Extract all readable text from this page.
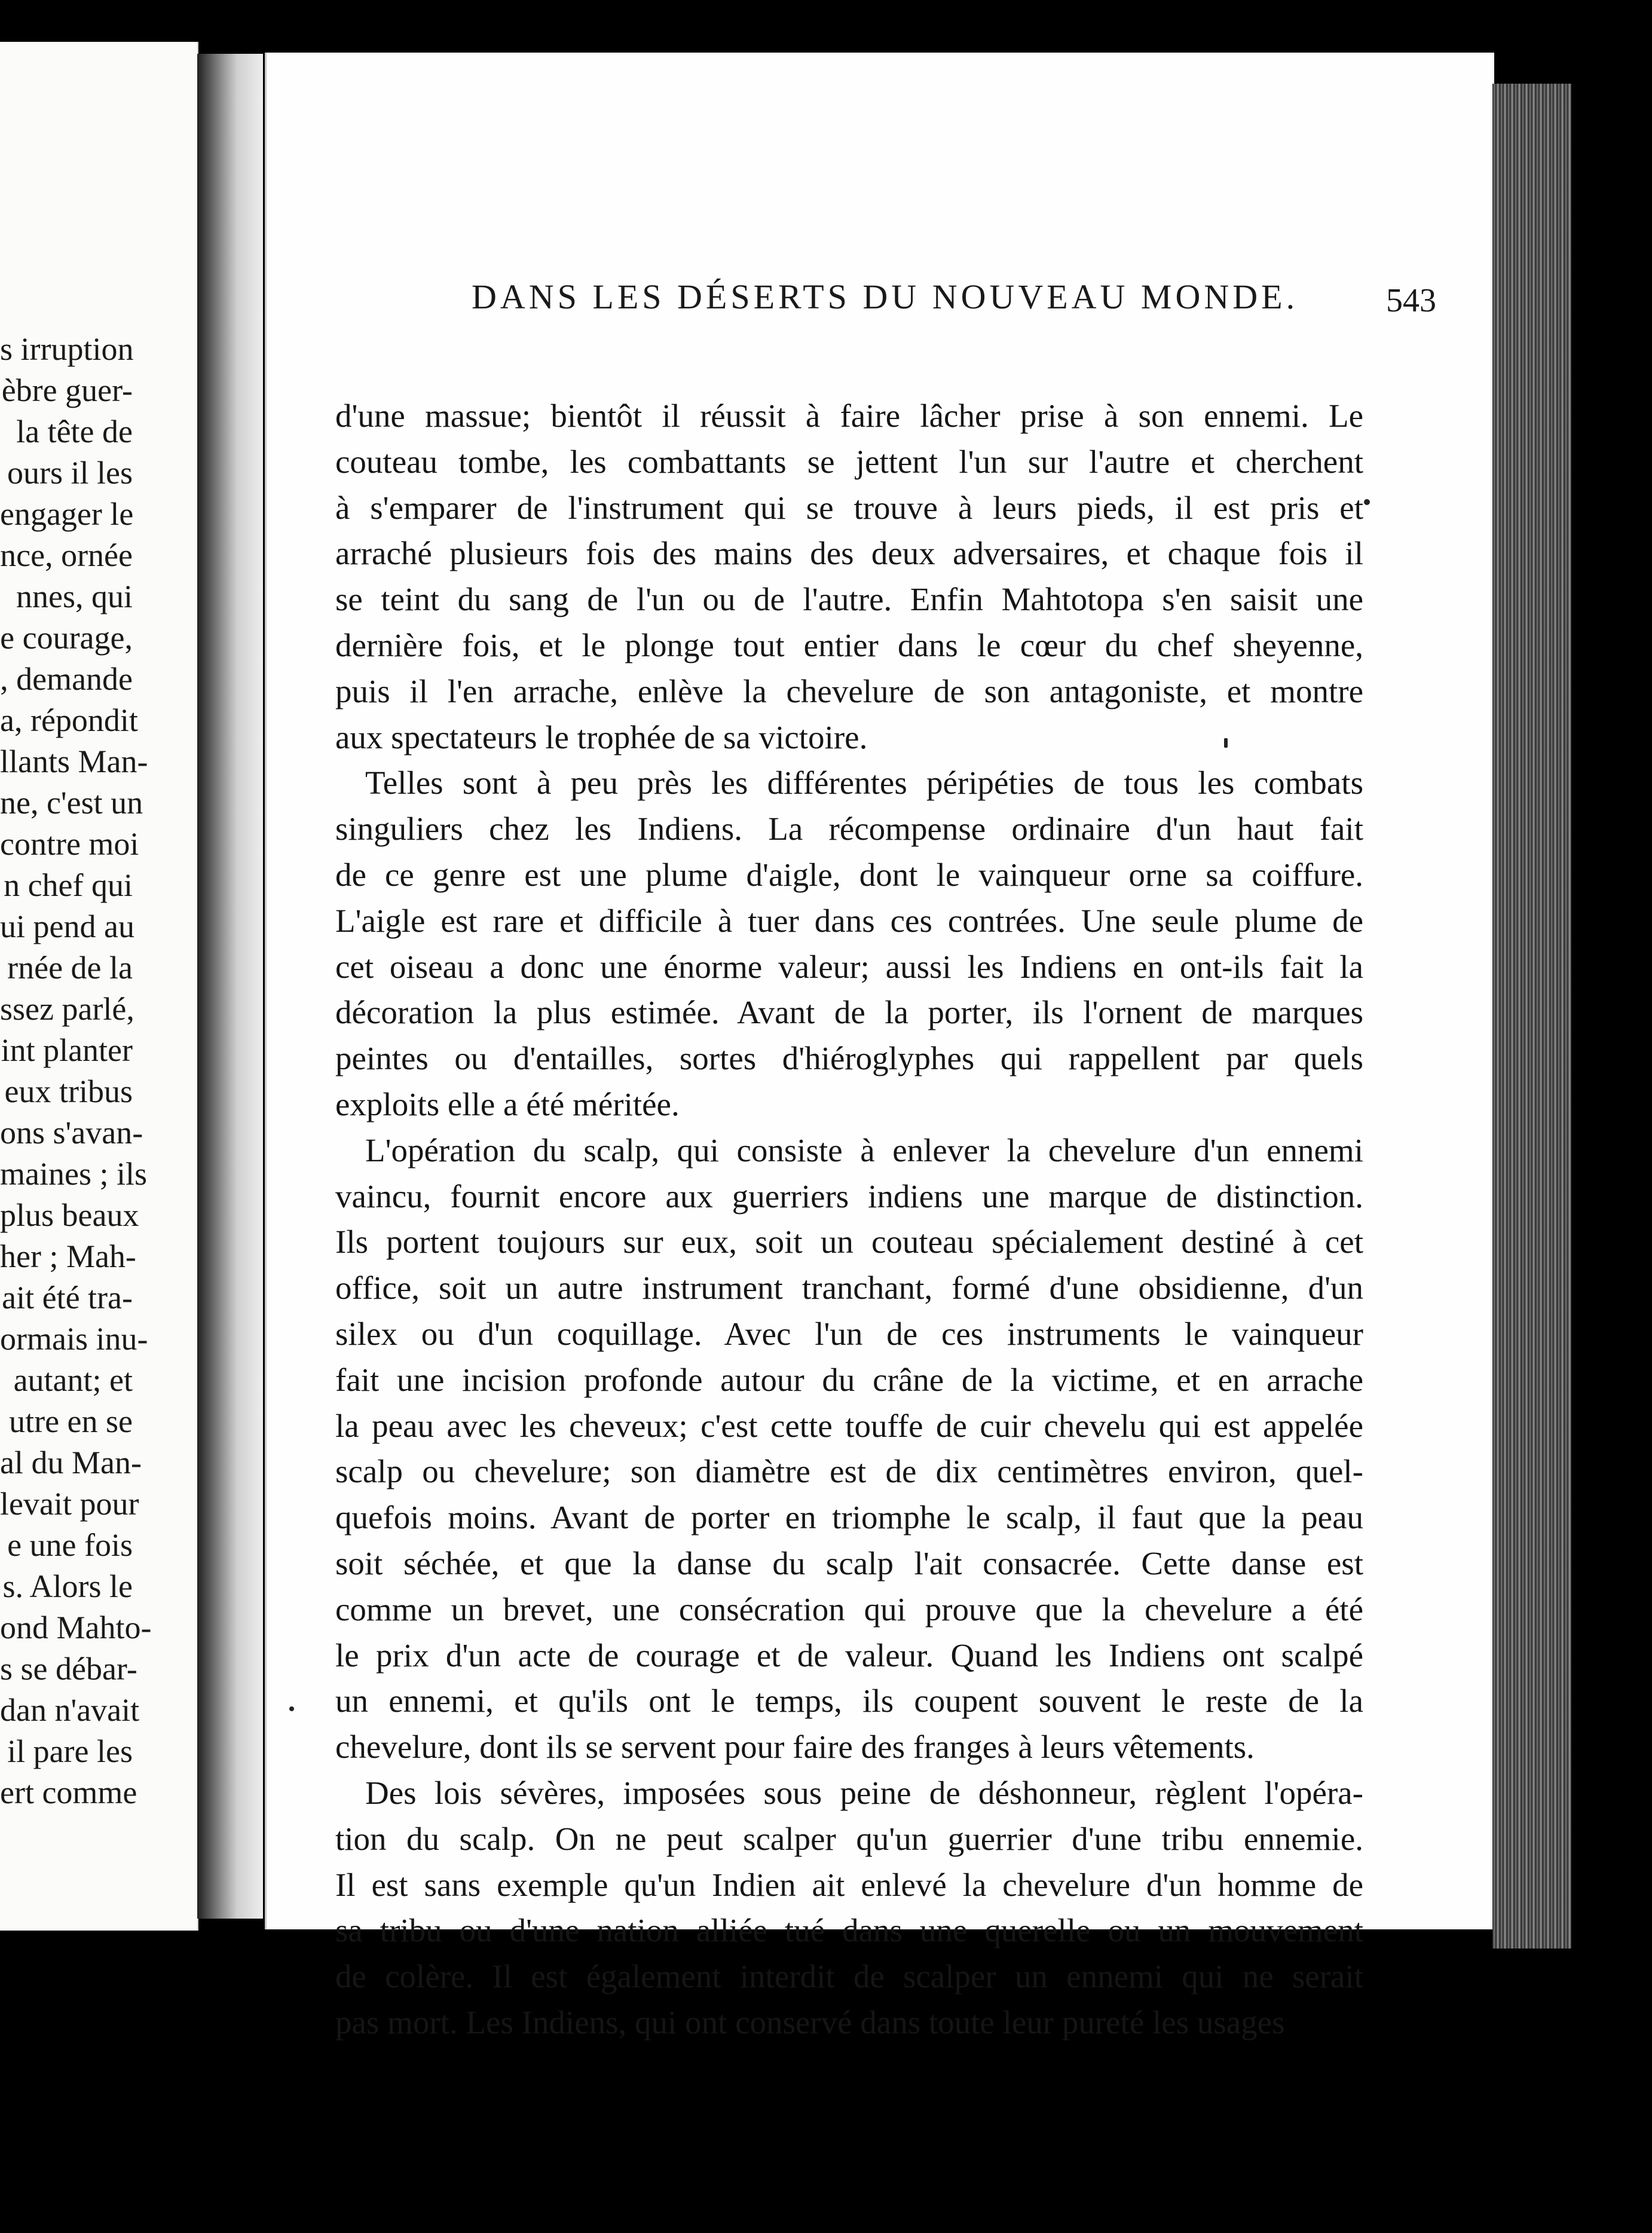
s irruption
èbre guer-
la tête de
ours il les
engager le
nce, ornée
nnes, qui
e courage,
, demande
a, répondit
llants Man-
ne, c'est un
contre moi
n chef qui
ui pend au
rnée de la
ssez parlé,
int planter
eux tribus
ons s'avan-
maines ; ils
plus beaux
her ; Mah-
ait été tra-
ormais inu-
autant; et
utre en se
al du Man-
levait pour
e une fois
s. Alors le
ond Mahto-
s se débar-
dan n'avait
il pare les
ert comme
DANS LES DÉSERTS DU NOUVEAU MONDE.	543
d'une massue; bientôt il réussit à faire lâcher prise à son ennemi. Le
couteau tombe, les combattants se jettent l'un sur l'autre et cherchent
à s'emparer de l'instrument qui se trouve à leurs pieds, il est pris et
arraché plusieurs fois des mains des deux adversaires, et chaque fois il
se teint du sang de l'un ou de l'autre. Enfin Mahtotopa s'en saisit une
dernière fois, et le plonge tout entier dans le cœur du chef sheyenne,
puis il l'en arrache, enlève la chevelure de son antagoniste, et montre
aux spectateurs le trophée de sa victoire.
Telles sont à peu près les différentes péripéties de tous les combats
singuliers chez les Indiens. La récompense ordinaire d'un haut fait
de ce genre est une plume d'aigle, dont le vainqueur orne sa coiffure.
L'aigle est rare et difficile à tuer dans ces contrées. Une seule plume de
cet oiseau a donc une énorme valeur; aussi les Indiens en ont-ils fait la
décoration la plus estimée. Avant de la porter, ils l'ornent de marques
peintes ou d'entailles, sortes d'hiéroglyphes qui rappellent par quels
exploits elle a été méritée.
L'opération du scalp, qui consiste à enlever la chevelure d'un ennemi
vaincu, fournit encore aux guerriers indiens une marque de distinction.
Ils portent toujours sur eux, soit un couteau spécialement destiné à cet
office, soit un autre instrument tranchant, formé d'une obsidienne, d'un
silex ou d'un coquillage. Avec l'un de ces instruments le vainqueur
fait une incision profonde autour du crâne de la victime, et en arrache
la peau avec les cheveux; c'est cette touffe de cuir chevelu qui est appelée
scalp ou chevelure; son diamètre est de dix centimètres environ, quel-
quefois moins. Avant de porter en triomphe le scalp, il faut que la peau
soit séchée, et que la danse du scalp l'ait consacrée. Cette danse est
comme un brevet, une consécration qui prouve que la chevelure a été
le prix d'un acte de courage et de valeur. Quand les Indiens ont scalpé
un ennemi, et qu'ils ont le temps, ils coupent souvent le reste de la
chevelure, dont ils se servent pour faire des franges à leurs vêtements.
Des lois sévères, imposées sous peine de déshonneur, règlent l'opéra-
tion du scalp. On ne peut scalper qu'un guerrier d'une tribu ennemie.
Il est sans exemple qu'un Indien ait enlevé la chevelure d'un homme de
sa tribu ou d'une nation alliée tué dans une querelle ou un mouvement
de colère. Il est également interdit de scalper un ennemi qui ne serait
pas mort. Les Indiens, qui ont conservé dans toute leur pureté les usages
